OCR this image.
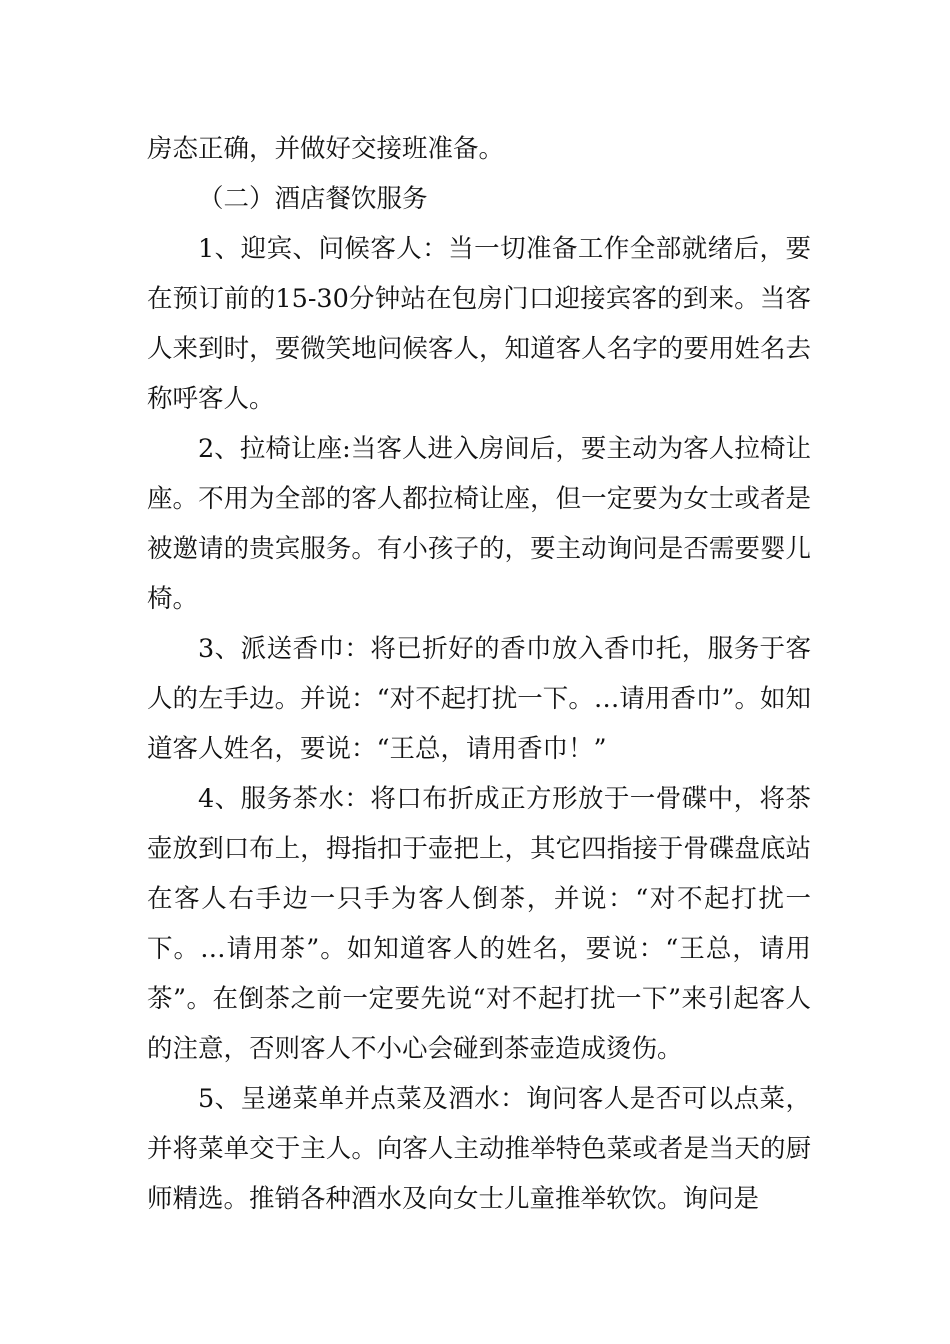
房态正确，并做好交接班准备。

（二）酒店餐饮服务

1、迎宾、问候客人：当一切准备工作全部就绪后，要在预订前的15-30分钟站在包房门口迎接宾客的到来。当客人来到时，要微笑地问候客人，知道客人名字的要用姓名去称呼客人。

2、拉椅让座:当客人进入房间后，要主动为客人拉椅让座。不用为全部的客人都拉椅让座，但一定要为女士或者是被邀请的贵宾服务。有小孩子的，要主动询问是否需要婴儿椅。

3、派送香巾：将已折好的香巾放入香巾托，服务于客人的左手边。并说：“对不起打扰一下。…请用香巾”。如知道客人姓名，要说：“王总，请用香巾！”

4、服务茶水：将口布折成正方形放于一骨碟中，将茶壶放到口布上，拇指扣于壶把上，其它四指接于骨碟盘底站在客人右手边一只手为客人倒茶，并说：“对不起打扰一下。…请用茶”。如知道客人的姓名，要说：“王总，请用茶”。在倒茶之前一定要先说“对不起打扰一下”来引起客人的注意，否则客人不小心会碰到茶壶造成烫伤。

5、呈递菜单并点菜及酒水：询问客人是否可以点菜，并将菜单交于主人。向客人主动推举特色菜或者是当天的厨师精选。推销各种酒水及向女士儿童推举软饮。询问是
